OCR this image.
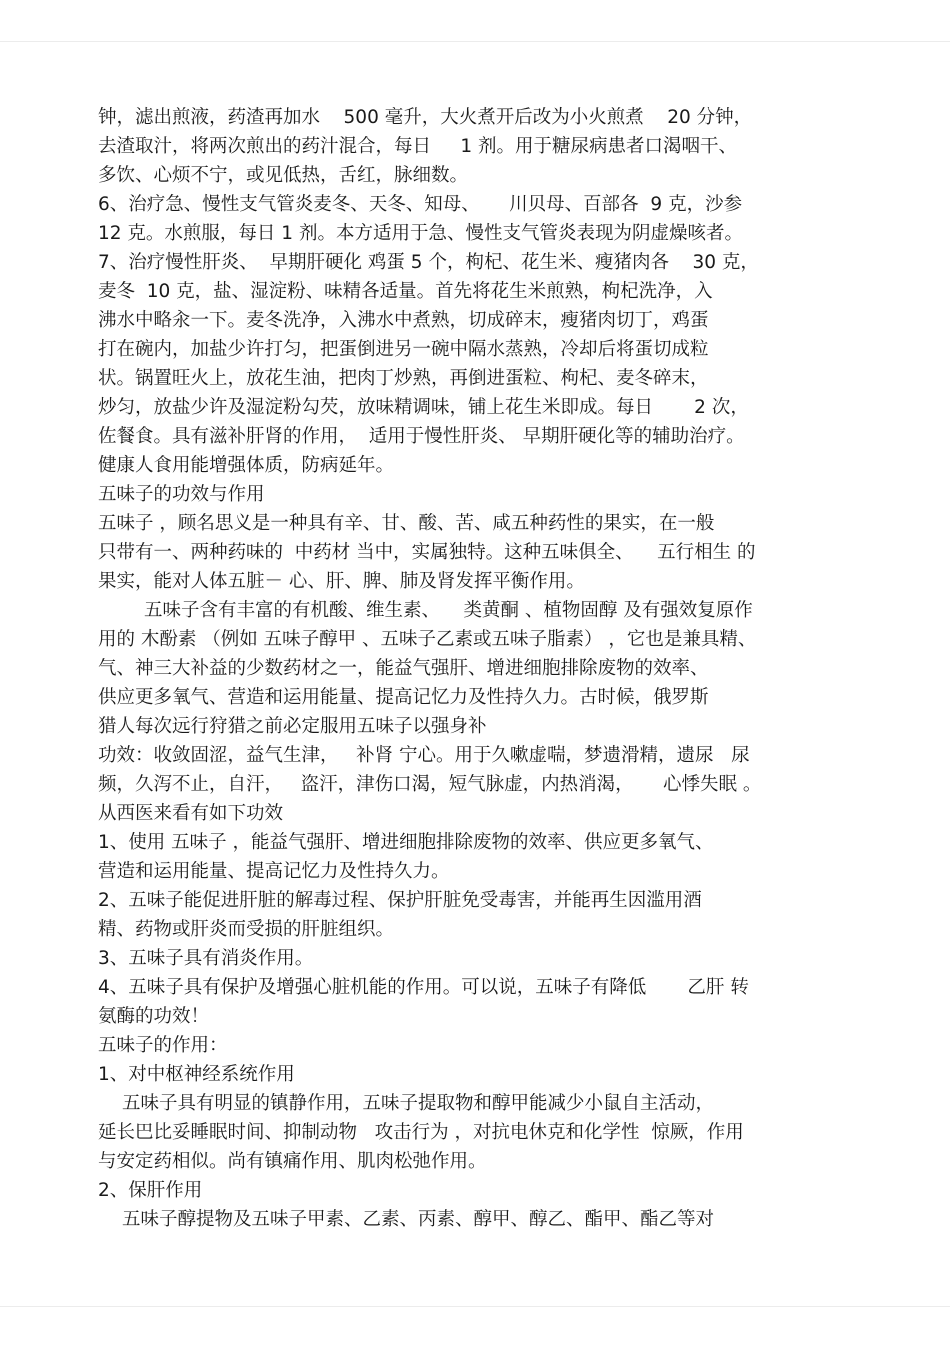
钟，滤出煎液，药渣再加水    500 毫升，大火煮开后改为小火煎煮    20 分钟，
去渣取汁，将两次煎出的药汁混合，每日     1 剂。用于糖尿病患者口渴咽干、
多饮、心烦不宁，或见低热，舌红，脉细数。
6、治疗急、慢性支气管炎麦冬、天冬、知母、     川贝母、百部各  9 克，沙参
12 克。水煎服，每日 1 剂。本方适用于急、慢性支气管炎表现为阴虚燥咳者。
7、治疗慢性肝炎、  早期肝硬化 鸡蛋 5 个，枸杞、花生米、瘦猪肉各    30 克，
麦冬  10 克，盐、湿淀粉、味精各适量。首先将花生米煎熟，枸杞洗净，入
沸水中略汆一下。麦冬洗净，入沸水中煮熟，切成碎末，瘦猪肉切丁，鸡蛋
打在碗内，加盐少许打匀，把蛋倒进另一碗中隔水蒸熟，冷却后将蛋切成粒
状。锅置旺火上，放花生油，把肉丁炒熟，再倒进蛋粒、枸杞、麦冬碎末，
炒匀，放盐少许及湿淀粉勾芡，放味精调味，铺上花生米即成。每日       2 次，
佐餐食。具有滋补肝肾的作用，  适用于慢性肝炎、 早期肝硬化等的辅助治疗。
健康人食用能增强体质，防病延年。
五味子的功效与作用
五味子 ，顾名思义是一种具有辛、甘、酸、苦、咸五种药性的果实，在一般
只带有一、两种药味的  中药材 当中，实属独特。这种五味俱全、    五行相生 的
果实，能对人体五脏－ 心、肝、脾、肺及肾发挥平衡作用。
五味子含有丰富的有机酸、维生素、    类黄酮 、植物固醇 及有强效复原作
用的 木酚素 （例如 五味子醇甲 、五味子乙素或五味子脂素） ，它也是兼具精、
气、神三大补益的少数药材之一，能益气强肝、增进细胞排除废物的效率、
供应更多氧气、营造和运用能量、提高记忆力及性持久力。古时候，俄罗斯
猎人每次远行狩猎之前必定服用五味子以强身补
功效：收敛固涩，益气生津，   补肾 宁心。用于久嗽虚喘，梦遗滑精，遗尿   尿
频，久泻不止，自汗，   盗汗，津伤口渴，短气脉虚，内热消渴，     心悸失眠 。
从西医来看有如下功效
1、使用 五味子 ，能益气强肝、增进细胞排除废物的效率、供应更多氧气、
营造和运用能量、提高记忆力及性持久力。
2、五味子能促进肝脏的解毒过程、保护肝脏免受毒害，并能再生因滥用酒
精、药物或肝炎而受损的肝脏组织。
3、五味子具有消炎作用。
4、五味子具有保护及增强心脏机能的作用。可以说，五味子有降低       乙肝 转
氨酶的功效！
五味子的作用：
1、对中枢神经系统作用
五味子具有明显的镇静作用，五味子提取物和醇甲能减少小鼠自主活动，
延长巴比妥睡眠时间、抑制动物   攻击行为 ，对抗电休克和化学性  惊厥，作用
与安定药相似。尚有镇痛作用、肌肉松弛作用。
2、保肝作用
五味子醇提物及五味子甲素、乙素、丙素、醇甲、醇乙、酯甲、酯乙等对
